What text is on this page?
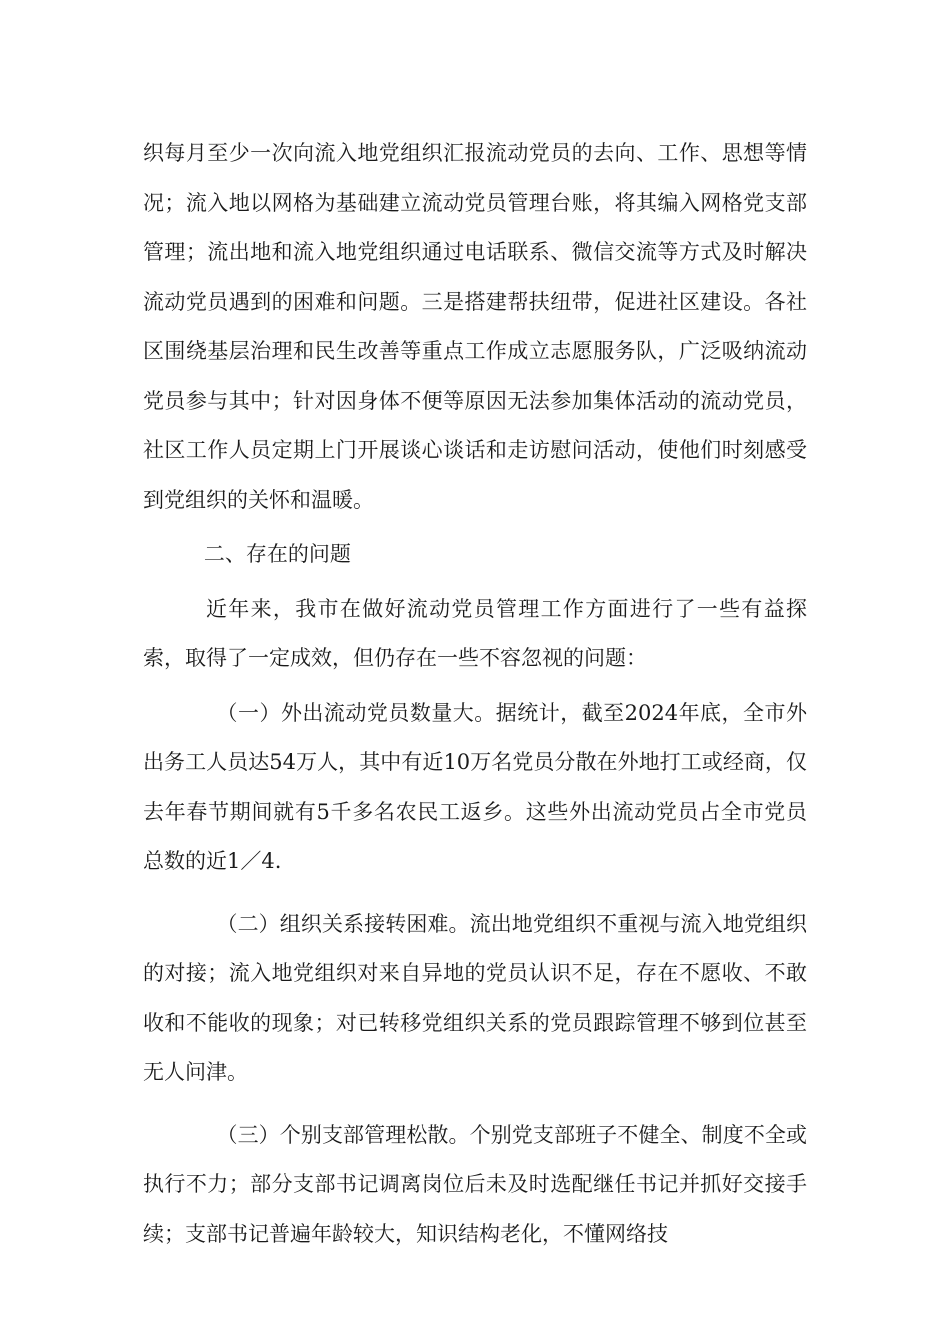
织每月至少一次向流入地党组织汇报流动党员的去向、工作、思想等情况；流入地以网格为基础建立流动党员管理台账，将其编入网格党支部管理；流出地和流入地党组织通过电话联系、微信交流等方式及时解决流动党员遇到的困难和问题。三是搭建帮扶纽带，促进社区建设。各社区围绕基层治理和民生改善等重点工作成立志愿服务队，广泛吸纳流动党员参与其中；针对因身体不便等原因无法参加集体活动的流动党员，社区工作人员定期上门开展谈心谈话和走访慰问活动，使他们时刻感受到党组织的关怀和温暖。

二、存在的问题

近年来，我市在做好流动党员管理工作方面进行了一些有益探索，取得了一定成效，但仍存在一些不容忽视的问题：

（一）外出流动党员数量大。据统计，截至2024年底，全市外出务工人员达54万人，其中有近10万名党员分散在外地打工或经商，仅去年春节期间就有5千多名农民工返乡。这些外出流动党员占全市党员总数的近1／4.

（二）组织关系接转困难。流出地党组织不重视与流入地党组织的对接；流入地党组织对来自异地的党员认识不足，存在不愿收、不敢收和不能收的现象；对已转移党组织关系的党员跟踪管理不够到位甚至无人问津。

（三）个别支部管理松散。个别党支部班子不健全、制度不全或执行不力；部分支部书记调离岗位后未及时选配继任书记并抓好交接手续；支部书记普遍年龄较大，知识结构老化，不懂网络技
